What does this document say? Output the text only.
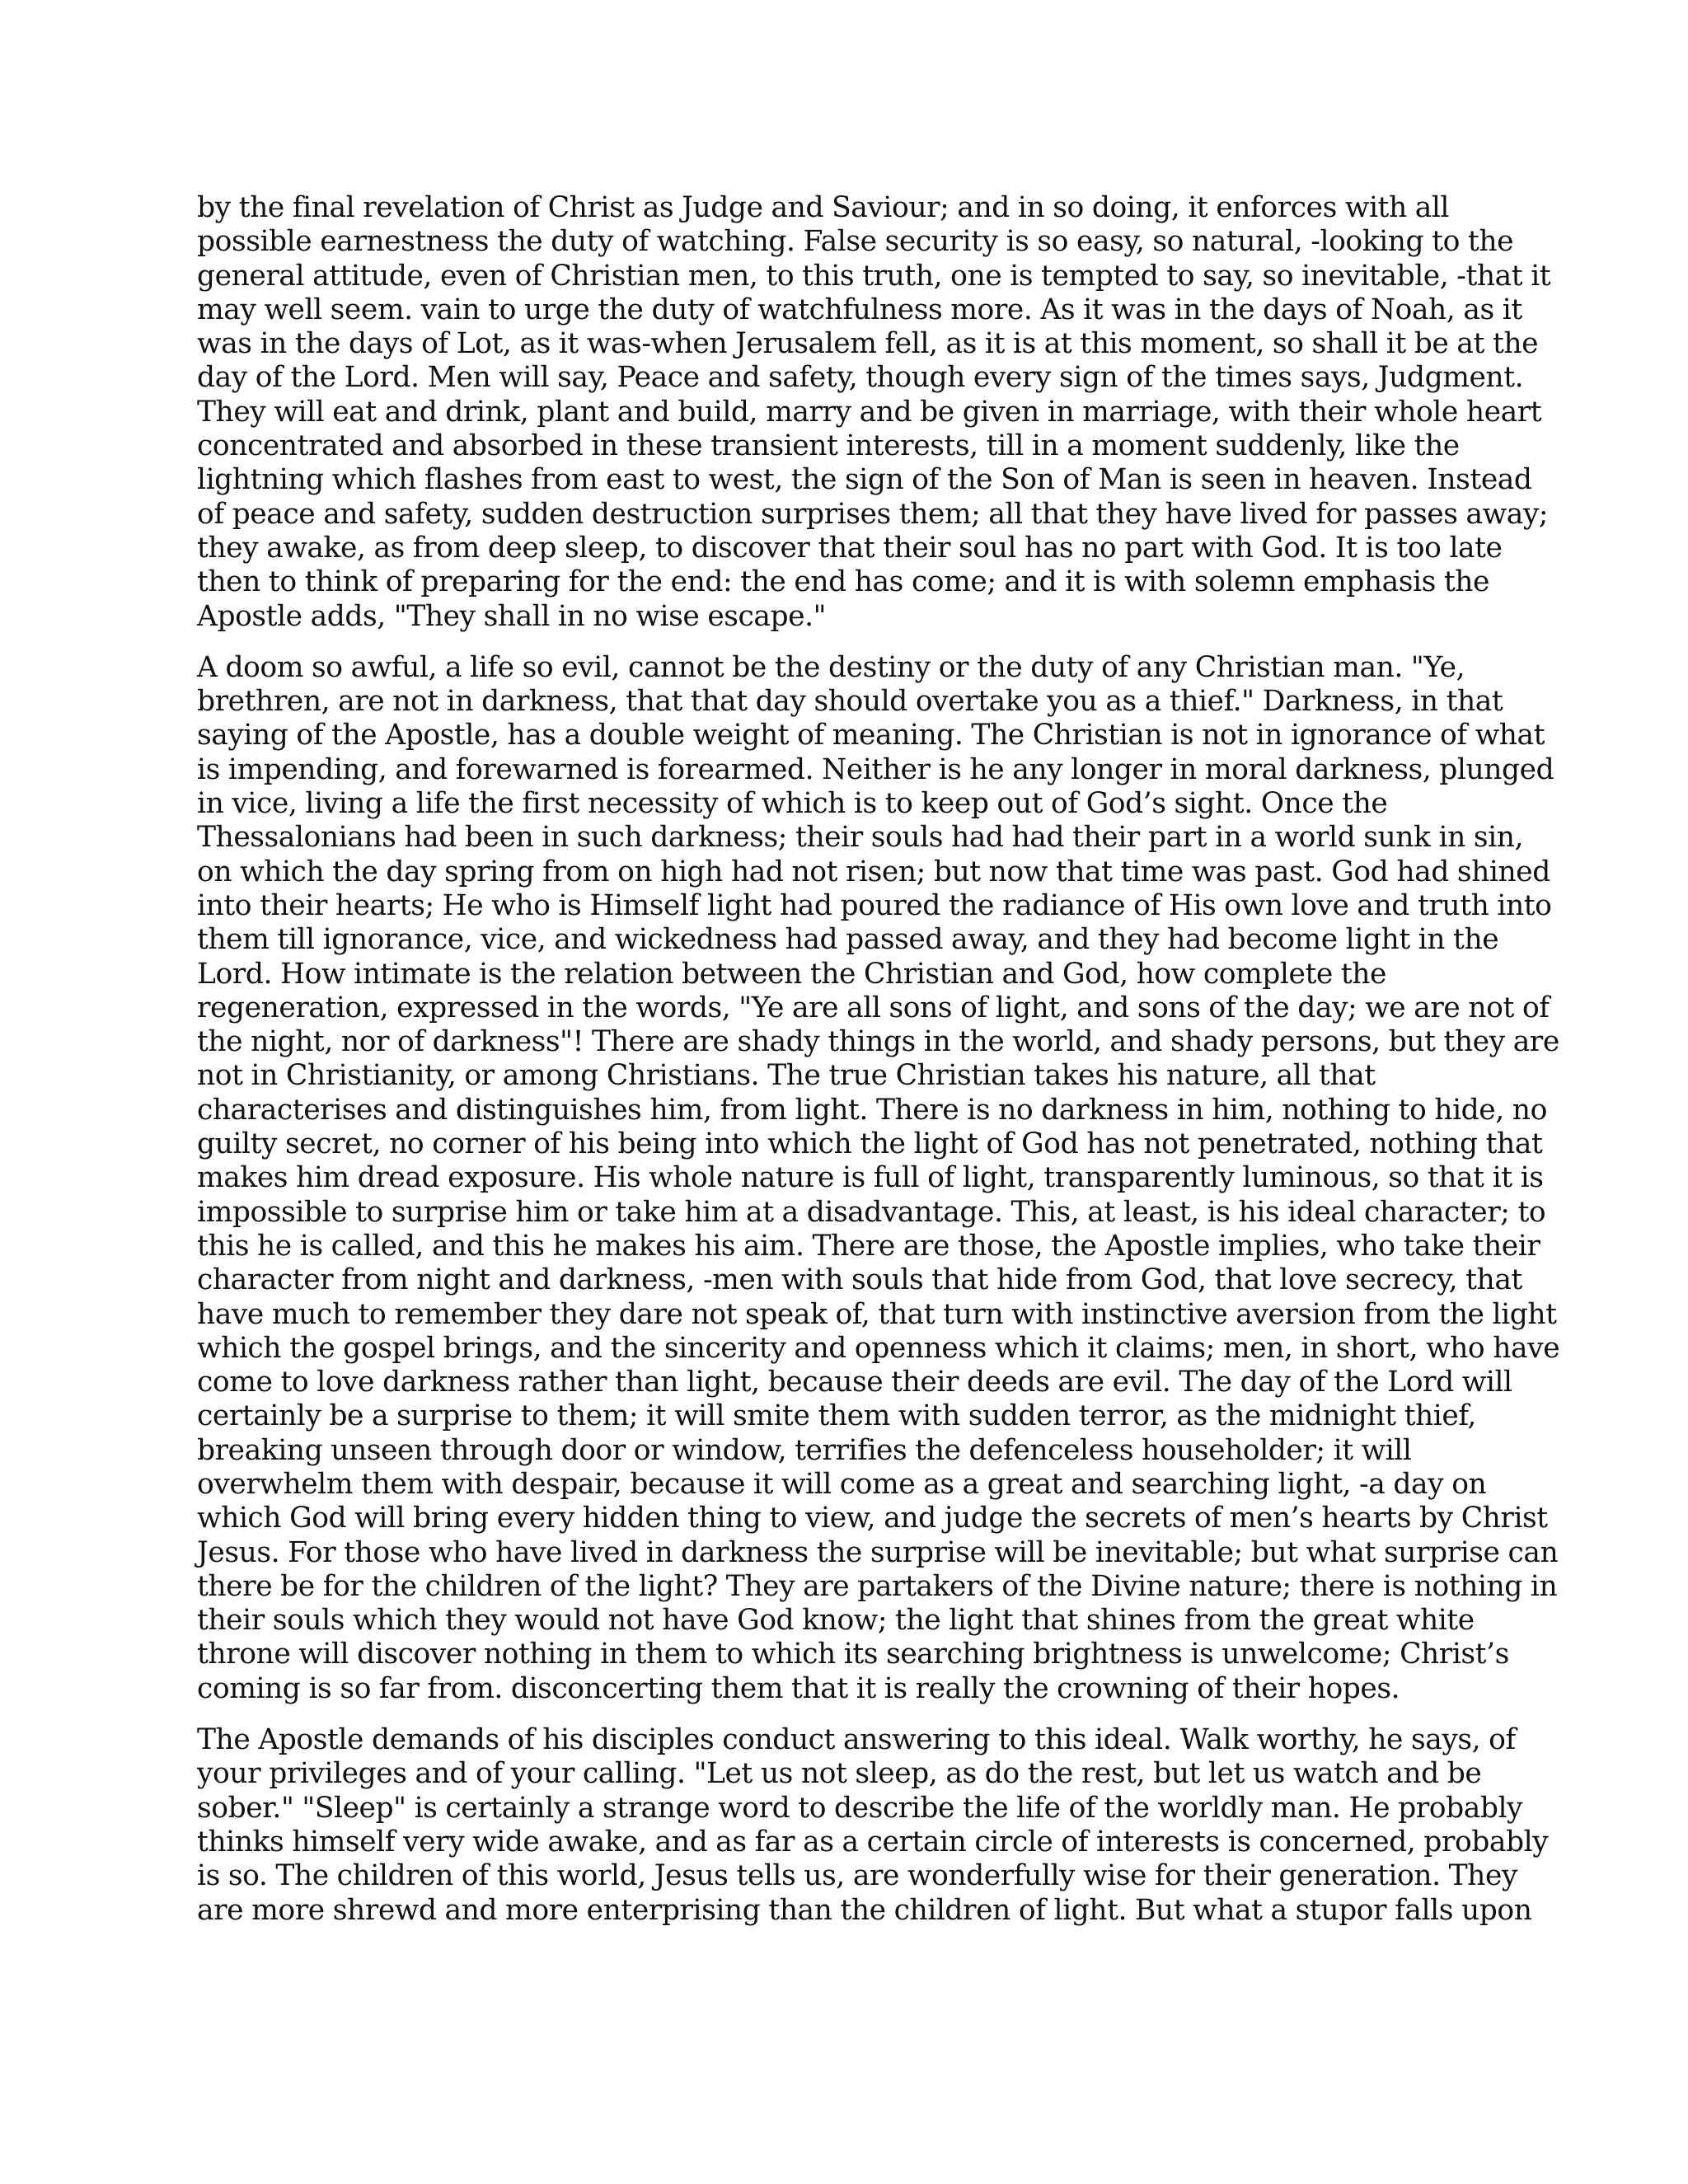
by the final revelation of Christ as Judge and Saviour; and in so doing, it enforces with all
possible earnestness the duty of watching. False security is so easy, so natural, -looking to the
general attitude, even of Christian men, to this truth, one is tempted to say, so inevitable, -that it
may well seem. vain to urge the duty of watchfulness more. As it was in the days of Noah, as it
was in the days of Lot, as it was-when Jerusalem fell, as it is at this moment, so shall it be at the
day of the Lord. Men will say, Peace and safety, though every sign of the times says, Judgment.
They will eat and drink, plant and build, marry and be given in marriage, with their whole heart
concentrated and absorbed in these transient interests, till in a moment suddenly, like the
lightning which flashes from east to west, the sign of the Son of Man is seen in heaven. Instead
of peace and safety, sudden destruction surprises them; all that they have lived for passes away;
they awake, as from deep sleep, to discover that their soul has no part with God. It is too late
then to think of preparing for the end: the end has come; and it is with solemn emphasis the
Apostle adds, "They shall in no wise escape."
A doom so awful, a life so evil, cannot be the destiny or the duty of any Christian man. "Ye,
brethren, are not in darkness, that that day should overtake you as a thief." Darkness, in that
saying of the Apostle, has a double weight of meaning. The Christian is not in ignorance of what
is impending, and forewarned is forearmed. Neither is he any longer in moral darkness, plunged
in vice, living a life the first necessity of which is to keep out of God’s sight. Once the
Thessalonians had been in such darkness; their souls had had their part in a world sunk in sin,
on which the day spring from on high had not risen; but now that time was past. God had shined
into their hearts; He who is Himself light had poured the radiance of His own love and truth into
them till ignorance, vice, and wickedness had passed away, and they had become light in the
Lord. How intimate is the relation between the Christian and God, how complete the
regeneration, expressed in the words, "Ye are all sons of light, and sons of the day; we are not of
the night, nor of darkness"! There are shady things in the world, and shady persons, but they are
not in Christianity, or among Christians. The true Christian takes his nature, all that
characterises and distinguishes him, from light. There is no darkness in him, nothing to hide, no
guilty secret, no corner of his being into which the light of God has not penetrated, nothing that
makes him dread exposure. His whole nature is full of light, transparently luminous, so that it is
impossible to surprise him or take him at a disadvantage. This, at least, is his ideal character; to
this he is called, and this he makes his aim. There are those, the Apostle implies, who take their
character from night and darkness, -men with souls that hide from God, that love secrecy, that
have much to remember they dare not speak of, that turn with instinctive aversion from the light
which the gospel brings, and the sincerity and openness which it claims; men, in short, who have
come to love darkness rather than light, because their deeds are evil. The day of the Lord will
certainly be a surprise to them; it will smite them with sudden terror, as the midnight thief,
breaking unseen through door or window, terrifies the defenceless householder; it will
overwhelm them with despair, because it will come as a great and searching light, -a day on
which God will bring every hidden thing to view, and judge the secrets of men’s hearts by Christ
Jesus. For those who have lived in darkness the surprise will be inevitable; but what surprise can
there be for the children of the light? They are partakers of the Divine nature; there is nothing in
their souls which they would not have God know; the light that shines from the great white
throne will discover nothing in them to which its searching brightness is unwelcome; Christ’s
coming is so far from. disconcerting them that it is really the crowning of their hopes.
The Apostle demands of his disciples conduct answering to this ideal. Walk worthy, he says, of
your privileges and of your calling. "Let us not sleep, as do the rest, but let us watch and be
sober." "Sleep" is certainly a strange word to describe the life of the worldly man. He probably
thinks himself very wide awake, and as far as a certain circle of interests is concerned, probably
is so. The children of this world, Jesus tells us, are wonderfully wise for their generation. They
are more shrewd and more enterprising than the children of light. But what a stupor falls upon
